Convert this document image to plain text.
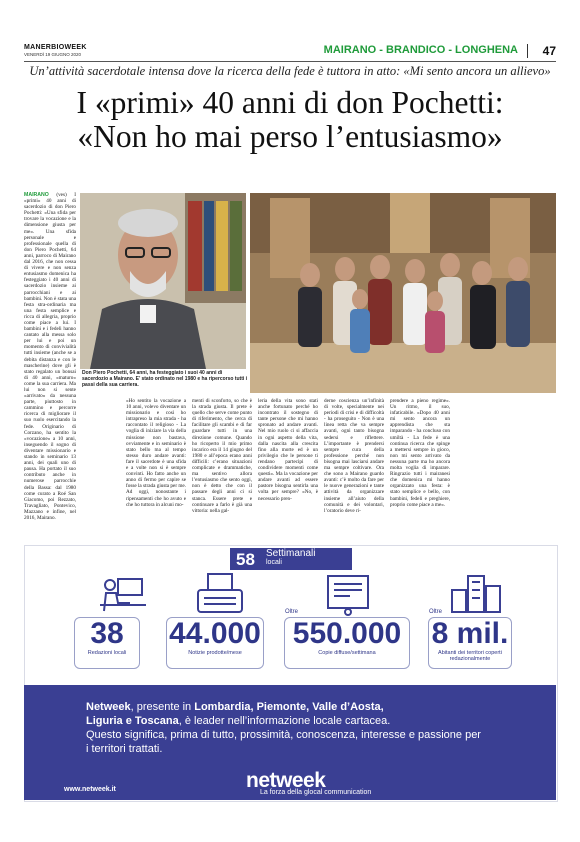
MANERBIOWEEK
VENERDÌ 19 GIUGNO 2020	MAIRANO - BRANDICO - LONGHENA 47
Un’attività sacerdotale intensa dove la ricerca della fede è tuttora in atto: «Mi sento ancora un allievo»
I «primi» 40 anni di don Pochetti:
«Non ho mai perso l’entusiasmo»
MAIRANO (ves) I «primi» 40 anni di sacerdozio di don Piero Pochetti: «Una sfida per trovare la vocazione e la dimensione giusta per me». Una sfida personale e professionale quella di don Piero Pochetti, 64 anni, parroco di Mairano dal 2016, che non cessa di vivere e non senza entusiasmo domenica ha festeggiato i 40 anni di sacerdozio insieme ai parrocchiani e ai bambini. Non è stata una festa stra-ordinaria ma una festa semplice e ricca di allegria, proprio come piace a lui. I bambini e i fedeli hanno cantato alla messa solo per lui e poi un momento di convivialità tutti insieme (anche se a debita distanza e con le mascherine) dove gli è stato regalato un bonsai di 40 anni, «maturo» come la sua carriera. Ma lui non si sente «arrivato» da nessuna parte, piuttosto in cammino e percorre ricerca di migliorare il suo ruolo esercitando la fede. Originario di Corzano, ha sentito la «vocazione» a 10 anni, inseguendo il sogno di diventare missionario e stando in seminario 13 anni, dei quali uno di pausa. Ha portato il suo contributo anche in numerose parrocchie della Bassa: dal 1980 come curato a Roé San Giacomo, poi Rezzato, Travagliato, Pontevico, Mazzano e infine, nel 2016, Mairano.
Don Piero Pochetti, 64 anni, ha festeggiato i suoi 40 anni di sacerdozio a Mairano. E’ stato ordinato nel 1980 e ha ripercorso tutti i passi della sua carriera.
«Ho sentito la vocazione a 10 anni, volevo diventare un missionario e così ho intrapreso la mia strada - ha raccontato il religioso - La voglia di iniziare la via della missione non bastava, ovviamente e in seminario è stato bello ma al tempo stesso duro andare avanti: fare il sacerdote è una sfida e a volte non si è sempre convinti. Ho fatto anche un anno di fermo per capire se fosse la strada giusta per me. Ad oggi, nonostante i ripensamenti che ho avuto e che ho tuttora in alcuni mo-
menti di sconforto, so che è la strada giusta. Il prete è quello che serve come punto di riferimento, che cerca di facilitare gli scambi e di far guardare tutti in una direzione comune. Quando ho ricoperto il mio primo incarico era il 14 giugno del 1980 e all’epoca erano anni difficili: c’erano situazioni complicate e drammatiche, ma sentivo allora l’entusiasmo che sento oggi, non è detto che con il passare degli anni ci si stanca. Essere prete e continuare a farlo è già una vittoria: nella gal-
leria della vita sono stati anche fortunato perché ho incontrato il sostegno di tante persone che mi hanno spronato ad andare avanti. Nel mio ruolo ci si affaccia in ogni aspetto della vita, dalla nascita alla crescita fino alla morte ed è un privilegio che le persone ti rendano partecipi di condividere momenti come questi». Ma la vocazione per andare avanti ad essere pastore bisogna sentirla una volta per sempre? «No, è necessario pren-
derne coscienza un’infinità di volte, specialmente nei periodi di crisi e di difficoltà - ha proseguito - Non è una linea retta che va sempre avanti, ogni tanto bisogna sedersi e riflettere. L’importante è prendersi sempre cura della professione perché non bisogna mai lasciarsi andare ma sempre coltivare. Ora che sono a Mairano guardo avanti: c’è molto da fare per le nuove generazioni e tante attività da organizzare insieme all’aiuto della comunità e dei volontari, l’oratorio deve ri-
prendere a pieno regime». Un ritmo, il suo, infaticabile. «Dopo 40 anni mi sento ancora un apprendista che sta imparando - ha concluso con umiltà - La fede è una continua ricerca che spinge a mettersi sempre in gioco, non mi sento arrivato da nessuna parte ma ho ancora molta voglia di imparare. Ringrazio tutti i mairanesi che domenica mi hanno organizzato una festa: è stato semplice e bello, con bambini, fedeli e preghiere, proprio come piace a me».
58 Settimanali
locali
38
Redazioni locali
44.000
Notizie prodotte/mese
Oltre
550.000
Copie diffuse/settimana
Oltre
8 mil.
Abitanti dei territori coperti redazionalmente
Netweek, presente in Lombardia, Piemonte, Valle d’Aosta,
Liguria e Toscana, è leader nell’informazione locale cartacea.
Questo significa, prima di tutto, prossimità, conoscenza, interesse e passione per i territori trattati.
www.netweek.it	netweek
La forza della glocal communication
